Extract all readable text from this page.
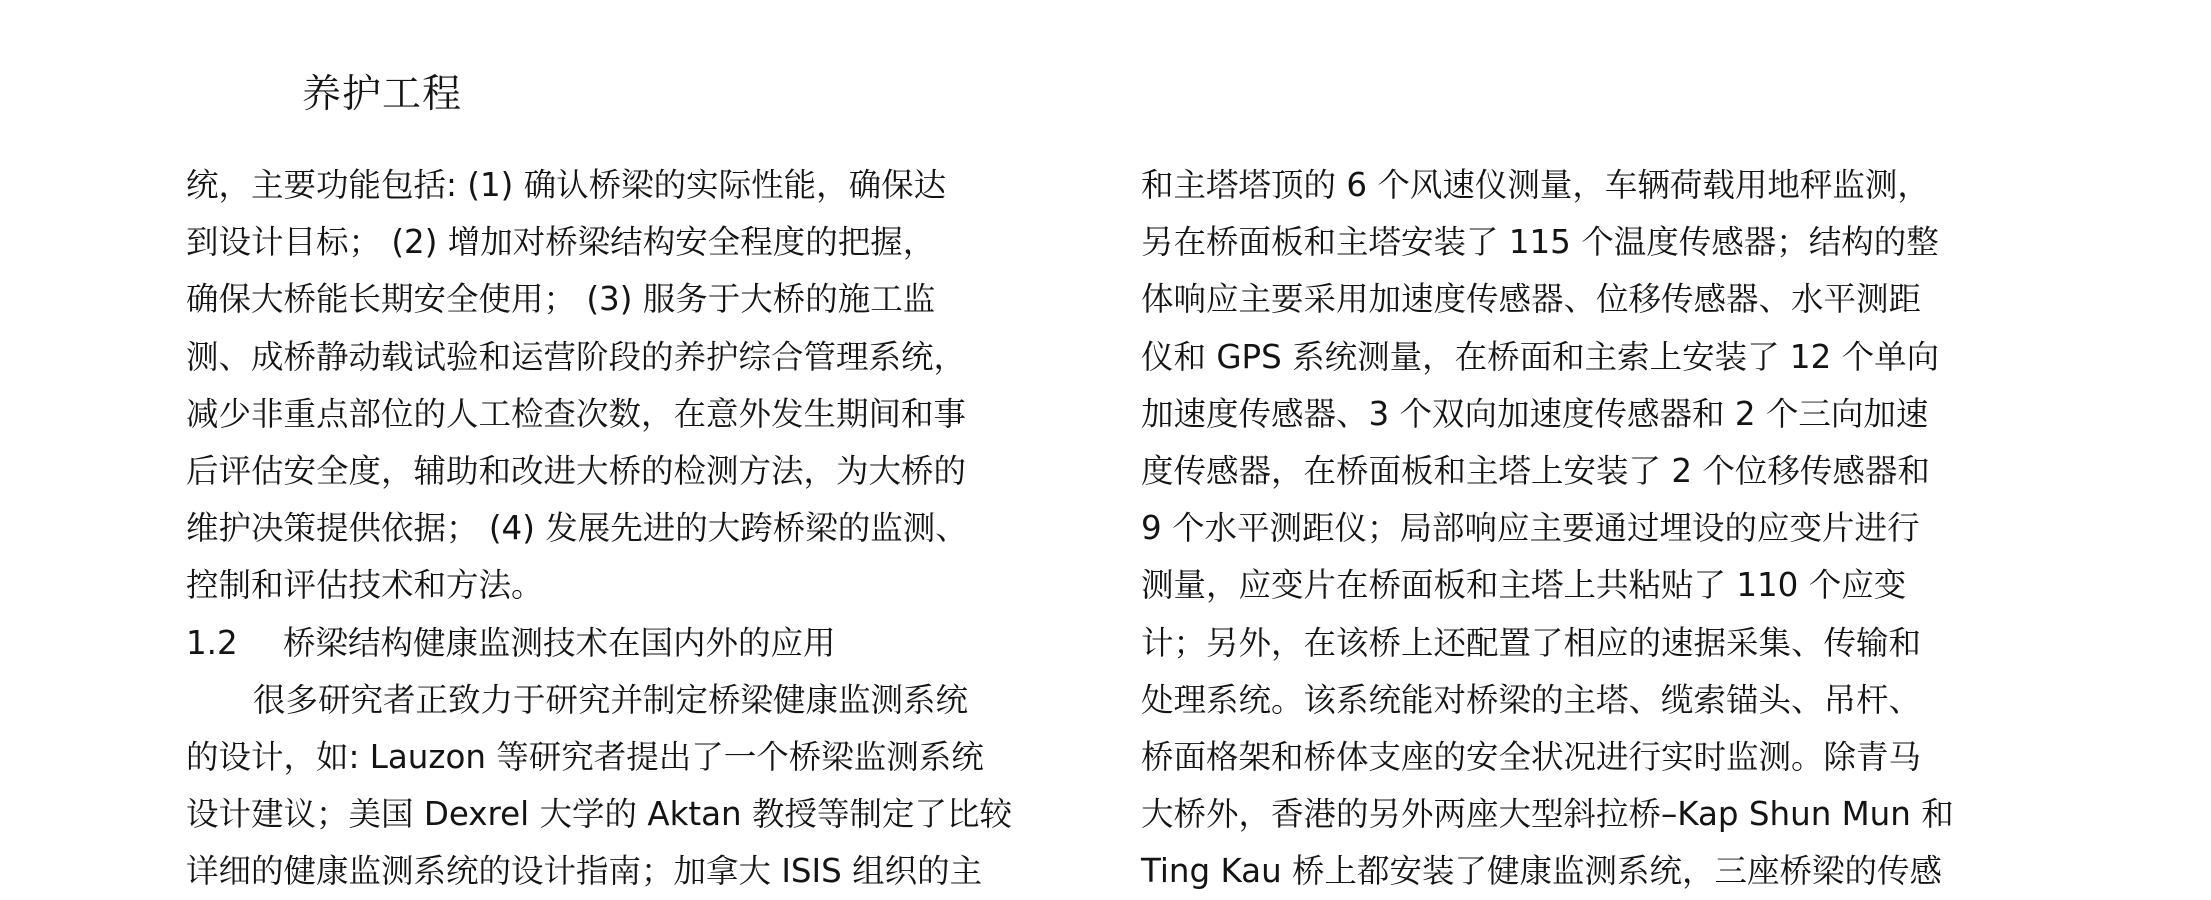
养护工程
统，主要功能包括: (1) 确认桥梁的实际性能，确保达
到设计目标； (2) 增加对桥梁结构安全程度的把握，
确保大桥能长期安全使用； (3) 服务于大桥的施工监
测、成桥静动载试验和运营阶段的养护综合管理系统，
减少非重点部位的人工检查次数，在意外发生期间和事
后评估安全度，辅助和改进大桥的检测方法，为大桥的
维护决策提供依据； (4) 发展先进的大跨桥梁的监测、
控制和评估技术和方法。
1.2	桥梁结构健康监测技术在国内外的应用
很多研究者正致力于研究并制定桥梁健康监测系统
的设计，如: Lauzon 等研究者提出了一个桥梁监测系统
设计建议；美国 Dexrel 大学的 Aktan 教授等制定了比较
详细的健康监测系统的设计指南；加拿大 ISIS 组织的主
和主塔塔顶的 6 个风速仪测量，车辆荷载用地秤监测，
另在桥面板和主塔安装了 115 个温度传感器；结构的整
体响应主要采用加速度传感器、位移传感器、水平测距
仪和 GPS 系统测量，在桥面和主索上安装了 12 个单向
加速度传感器、3 个双向加速度传感器和 2 个三向加速
度传感器，在桥面板和主塔上安装了 2 个位移传感器和
9 个水平测距仪；局部响应主要通过埋设的应变片进行
测量，应变片在桥面板和主塔上共粘贴了 110 个应变
计；另外，在该桥上还配置了相应的速据采集、传输和
处理系统。该系统能对桥梁的主塔、缆索锚头、吊杆、
桥面格架和桥体支座的安全状况进行实时监测。除青马
大桥外，香港的另外两座大型斜拉桥–Kap Shun Mun 和
Ting Kau 桥上都安装了健康监测系统，三座桥梁的传感
